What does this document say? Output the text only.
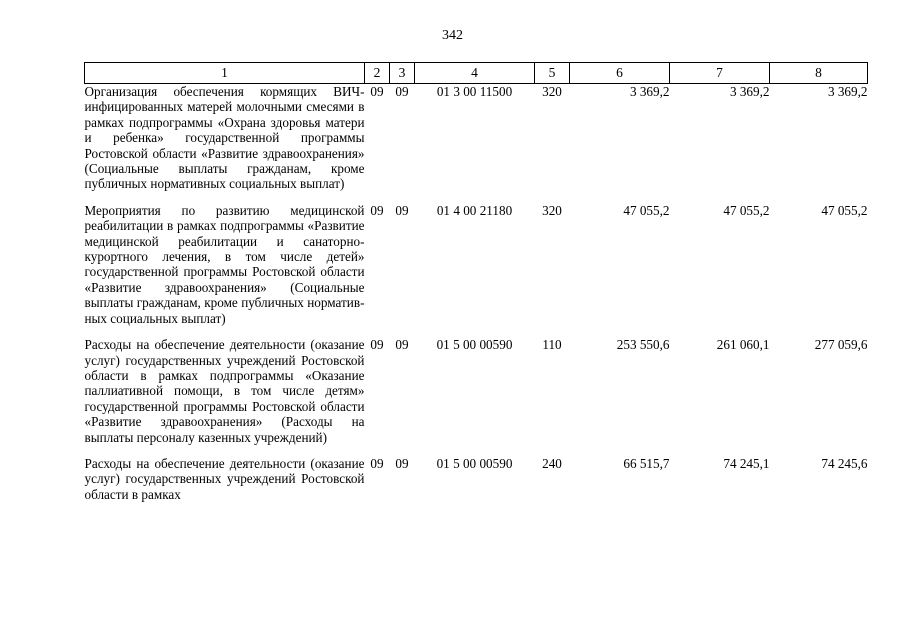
342
1	2	3	4	5	6	7	8
Организация обеспечения кормящих ВИЧ-инфицированных матерей молочными смесями в рамках подпрограммы «Охрана здоровья матери и ребенка» государственной программы Ростовской области «Развитие здравоохранения» (Социальные выплаты гражданам, кроме публичных нормативных социальных выплат)	09	09	01 3 00 11500	320	3 369,2	3 369,2	3 369,2
Мероприятия по развитию медицинской реабилитации в рамках подпрограммы «Развитие медицинской реабилитации и санаторно-курортного лечения, в том числе детей» государственной программы Ростовской области «Развитие здравоохранения» (Социальные выплаты гражданам, кроме публичных нормативных социальных выплат)	09	09	01 4 00 21180	320	47 055,2	47 055,2	47 055,2
Расходы на обеспечение деятельности (оказание услуг) государственных учреждений Ростовской области в рамках подпрограммы «Оказание паллиативной помощи, в том числе детям» государственной программы Ростовской области «Развитие здравоохранения» (Расходы на выплаты персоналу казенных учреждений)	09	09	01 5 00 00590	110	253 550,6	261 060,1	277 059,6
Расходы на обеспечение деятельности (оказание услуг) государственных учреждений Ростовской области в рамках	09	09	01 5 00 00590	240	66 515,7	74 245,1	74 245,6
